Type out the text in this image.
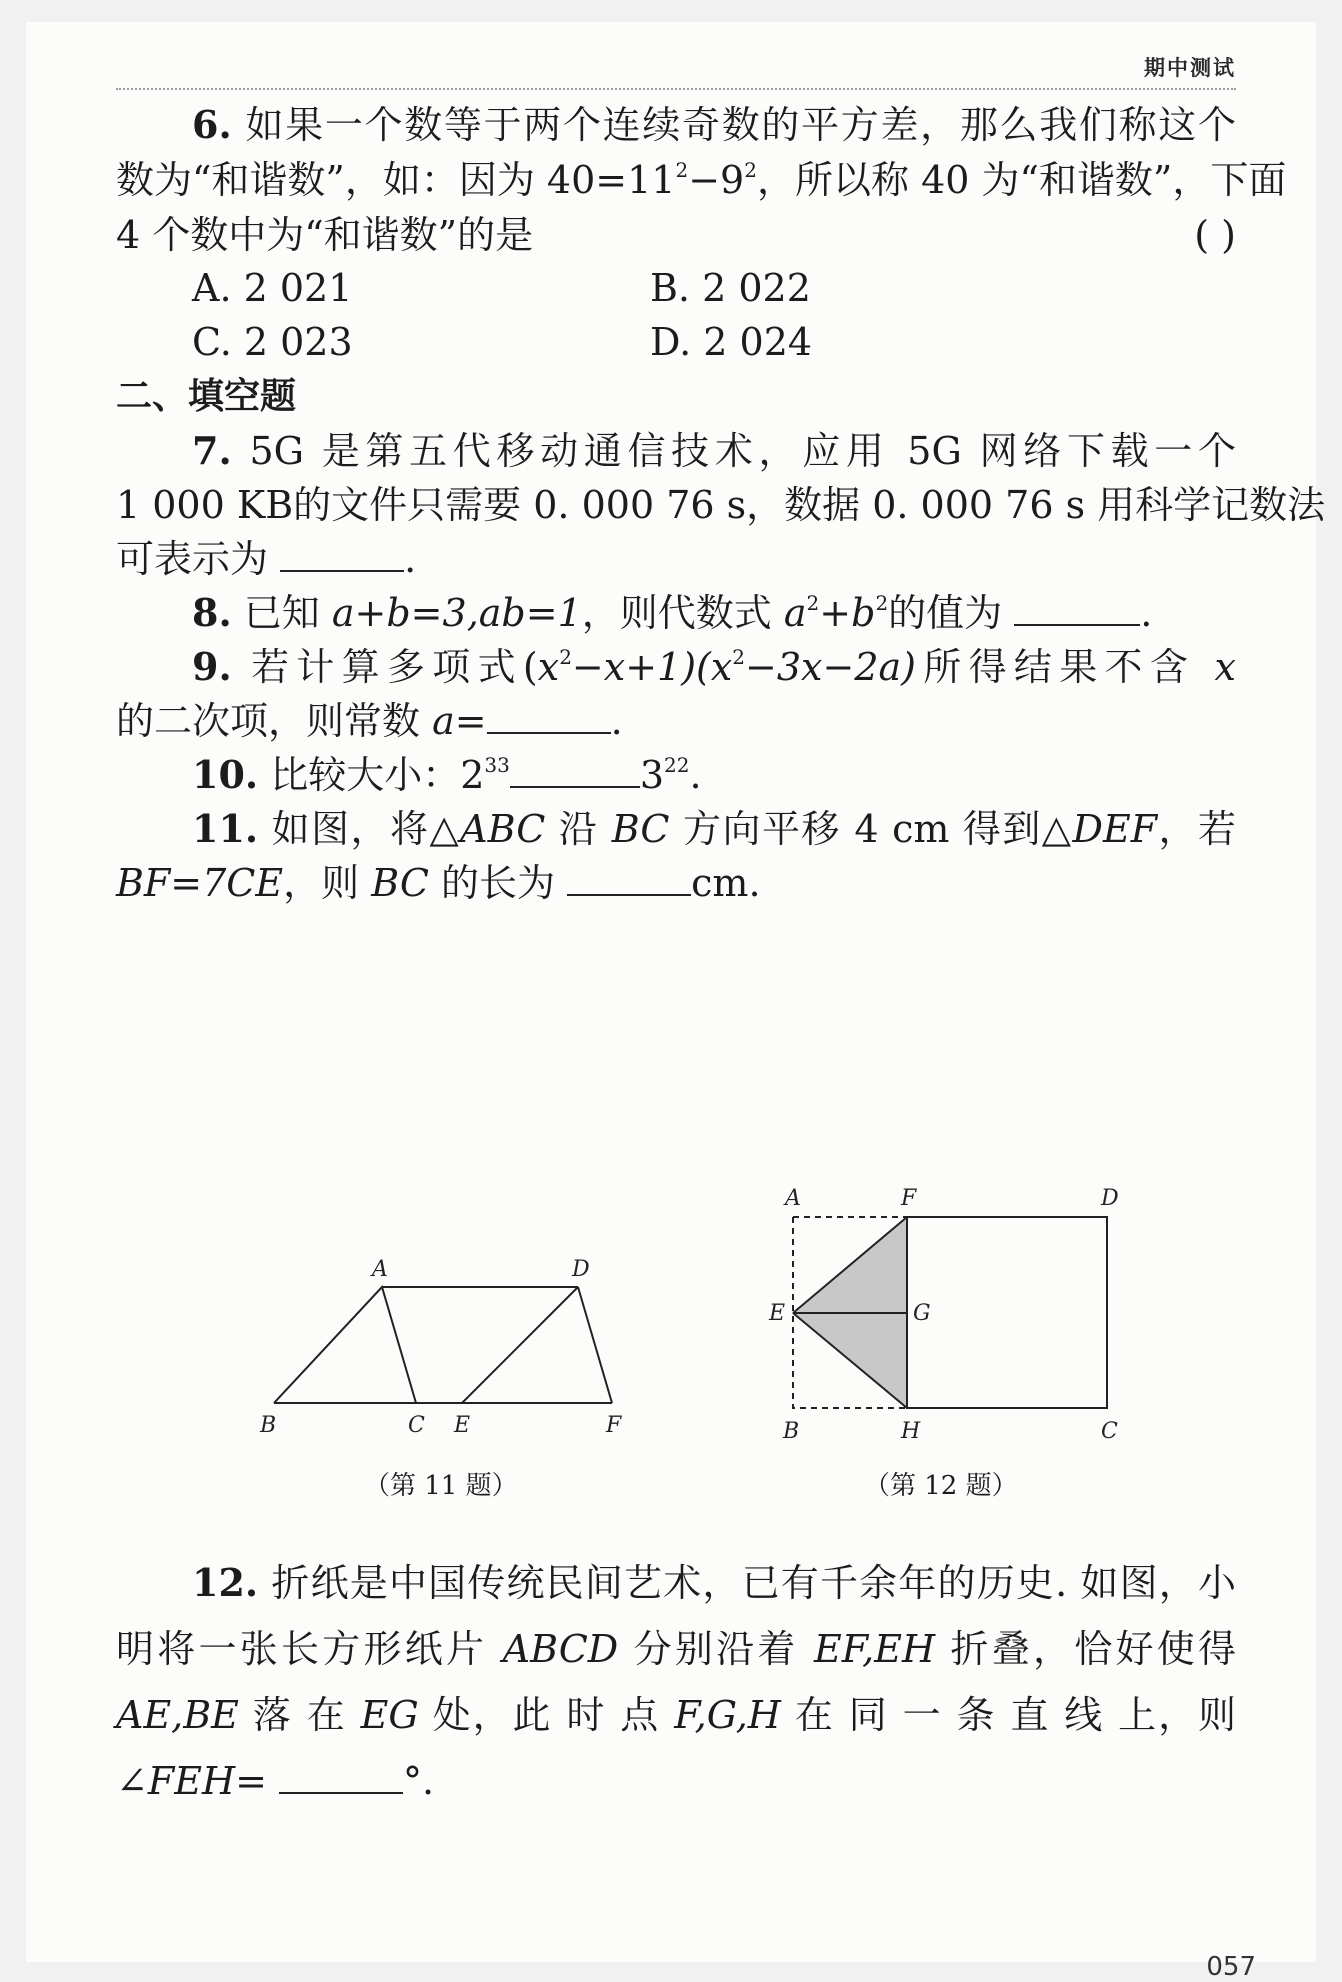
期中测试
6. 如果一个数等于两个连续奇数的平方差，那么我们称这个
数为“和谐数”，如：因为 $40=11^2-9^2$，所以称 40 为“和谐数”，下面
4 个数中为“和谐数”的是	( )
A. 2 021	B. 2 022
C. 2 023	D. 2 024
二、填空题
7. 5G 是第五代移动通信技术，应用 5G 网络下载一个
1 000 KB的文件只需要 0. 000 76 s，数据 0. 000 76 s 用科学记数法
可表示为	.
8. 已知 a+b=3,ab=1，则代数式 $a^2+b^2$的值为	.
9. 若计算多项式$(x^2-x+1)(x^2-3x-2a)$所得结果不含 x
的二次项，则常数 a=	.
10. 比较大小：$2^{33}$	$3^{22}$.
11. 如图，将△ABC 沿 BC 方向平移 4 cm 得到△DEF，若
BF=7CE，则 BC 的长为	cm.
A	D
B	C E	F
（第 11 题）
A	F	D
E	G
B	H	C
（第 12 题）
12. 折纸是中国传统民间艺术，已有千余年的历史. 如图，小
明将一张长方形纸片 ABCD 分别沿着 EF,EH 折叠，恰好使得
AE,BE 落 在 EG 处，此 时 点 F,G,H 在 同 一 条 直 线 上，则
∠FEH=	°.
057
